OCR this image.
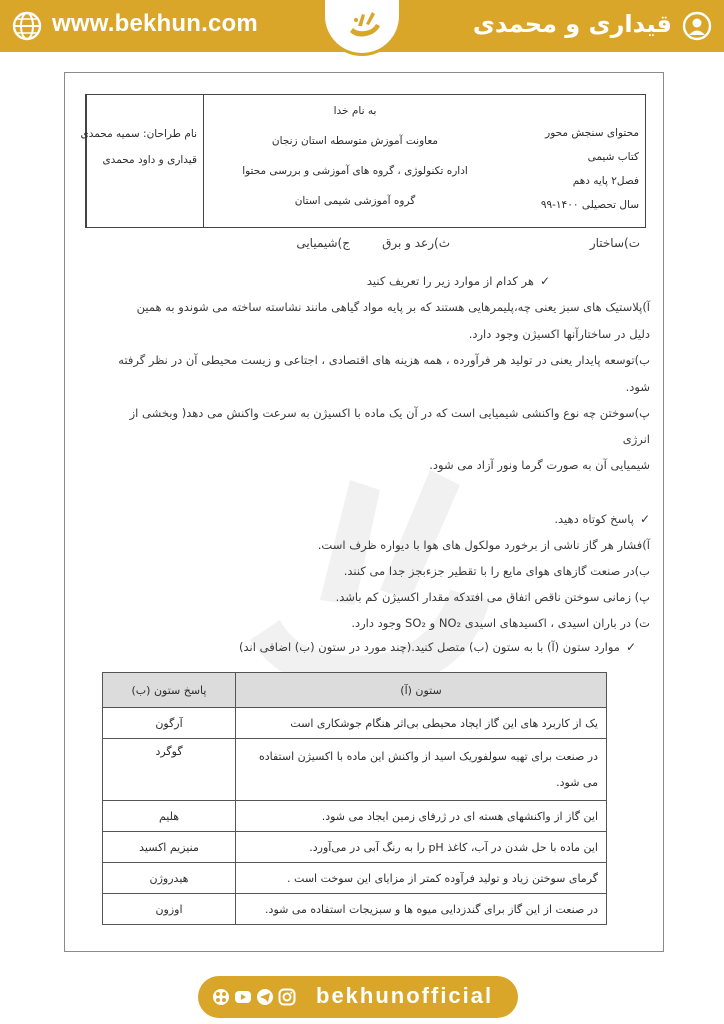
www.bekhun.com	قیداری و محمدی
محتوای سنجش محور
کتاب شیمی
فصل۲ پایه دهم
سال تحصیلی ۱۴۰۰-۹۹
به نام خدا
معاونت آموزش متوسطه استان زنجان
اداره تکنولوژی ، گروه های آموزشی و بررسی محتوا
گروه آموزشی شیمی استان
نام طراحان: سمیه محمدی
قیداری و داود محمدی
ت)ساختار
ث)رعد و برق
ج)شیمیایی
✓هر کدام از موارد زیر را تعریف کنید
آ)پلاستیک های سبز یعنی چه،پلیمرهایی هستند که بر پایه مواد گیاهی مانند نشاسته ساخته می شوندو به همین
دلیل در ساختارآنها اکسیژن وجود دارد.
ب)توسعه پایدار یعنی در تولید هر فرآورده ، همه هزینه های اقتصادی ، اجتاعی و زیست محیطی آن در نظر گرفته
شود.
پ)سوختن چه نوع واکنشی شیمیایی است که در آن یک ماده با اکسیژن به سرعت واکنش می دهد( وبخشی از
انرژی
شیمیایی آن به صورت گرما ونور آزاد می شود.
✓پاسخ کوتاه دهید.
آ)فشار هر گاز ناشی از برخورد مولکول های هوا با دیواره ظرف است.
ب)در صنعت گازهای هوای مایع را با تقطیر جزءبجز جدا می کنند.
پ) زمانی سوختن ناقص اتفاق می افتدکه مقدار اکسیژن کم باشد.
ت) در باران اسیدی ، اکسیدهای اسیدی NO₂ و SO₂ وجود دارد.
✓موارد ستون (آ) با به ستون (ب) متصل کنید.(چند مورد در ستون (ب) اضافی اند)
ستون (آ)	پاسخ ستون (ب)
یک از کاربرد های این گاز ایجاد محیطی بی‌اثر هنگام جوشکاری است	آرگون

در صنعت برای تهیه سولفوریک اسید از واکنش این ماده با اکسیژن استفاده
می شود.	گوگرد
این گاز از واکنشهای هسته ای در ژرفای زمین ایجاد می شود.	هلیم
این ماده با حل شدن در آب، کاغذ pH را به رنگ آبی در می‌آورد.	منیزیم اکسید
گرمای سوختن زیاد و تولید فرآوده کمتر از مزایای این سوخت است .	هیدروژن
در صنعت از این گاز برای گندزدایی میوه ها و سبزیجات استفاده می شود.	اوزون
bekhunofficial
